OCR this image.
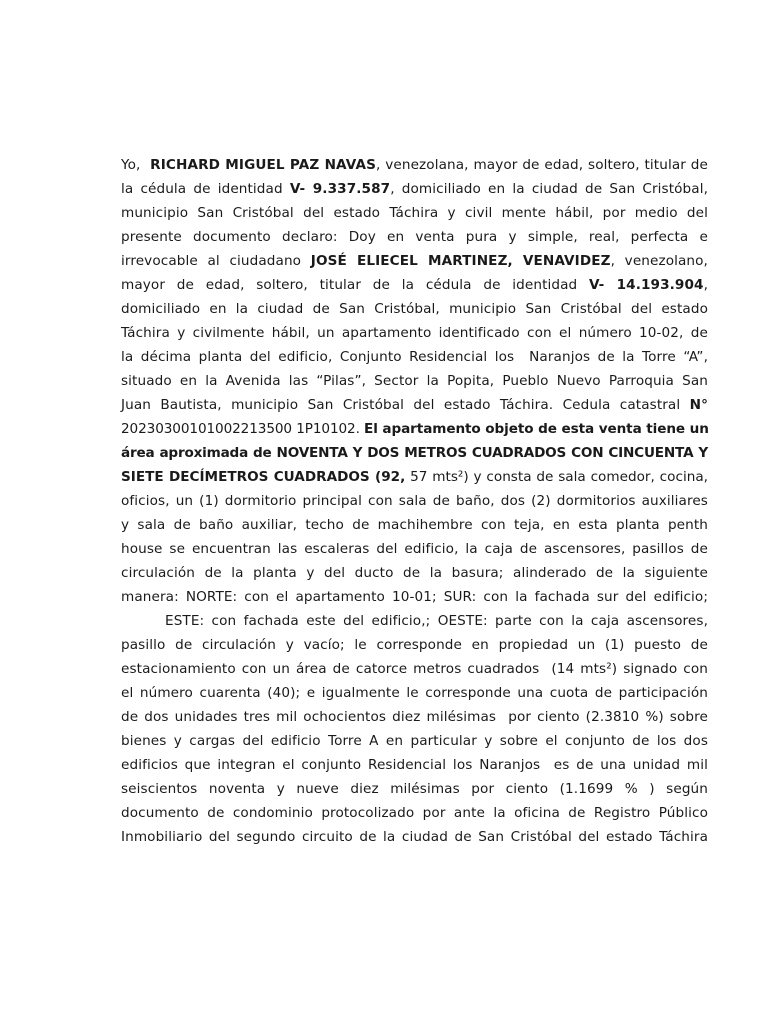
Yo,  RICHARD MIGUEL PAZ NAVAS, venezolana, mayor de edad, soltero, titular de
la cédula de identidad V- 9.337.587, domiciliado en la ciudad de San Cristóbal,
municipio San Cristóbal del estado Táchira y civil mente hábil, por medio del
presente documento declaro: Doy en venta pura y simple, real, perfecta e
irrevocable al ciudadano JOSÉ ELIECEL MARTINEZ, VENAVIDEZ, venezolano,
mayor de edad, soltero, titular de la cédula de identidad V- 14.193.904,
domiciliado en la ciudad de San Cristóbal, municipio San Cristóbal del estado
Táchira y civilmente hábil, un apartamento identificado con el número 10-02, de
la décima planta del edificio, Conjunto Residencial los  Naranjos de la Torre “A”,
situado en la Avenida las “Pilas”, Sector la Popita, Pueblo Nuevo Parroquia San
Juan Bautista, municipio San Cristóbal del estado Táchira. Cedula catastral N°
20230300101002213500 1P10102. El apartamento objeto de esta venta tiene un
área aproximada de NOVENTA Y DOS METROS CUADRADOS CON CINCUENTA Y
SIETE DECÍMETROS CUADRADOS (92, 57 mts²) y consta de sala comedor, cocina,
oficios, un (1) dormitorio principal con sala de baño, dos (2) dormitorios auxiliares
y sala de baño auxiliar, techo de machihembre con teja, en esta planta penth
house se encuentran las escaleras del edificio, la caja de ascensores, pasillos de
circulación de la planta y del ducto de la basura; alinderado de la siguiente
manera: NORTE: con el apartamento 10-01; SUR: con la fachada sur del edificio;
ESTE: con fachada este del edificio,; OESTE: parte con la caja ascensores,
pasillo de circulación y vacío; le corresponde en propiedad un (1) puesto de
estacionamiento con un área de catorce metros cuadrados  (14 mts²) signado con
el número cuarenta (40); e igualmente le corresponde una cuota de participación
de dos unidades tres mil ochocientos diez milésimas  por ciento (2.3810 %) sobre
bienes y cargas del edificio Torre A en particular y sobre el conjunto de los dos
edificios que integran el conjunto Residencial los Naranjos  es de una unidad mil
seiscientos noventa y nueve diez milésimas por ciento (1.1699 % ) según
documento de condominio protocolizado por ante la oficina de Registro Público
Inmobiliario del segundo circuito de la ciudad de San Cristóbal del estado Táchira
